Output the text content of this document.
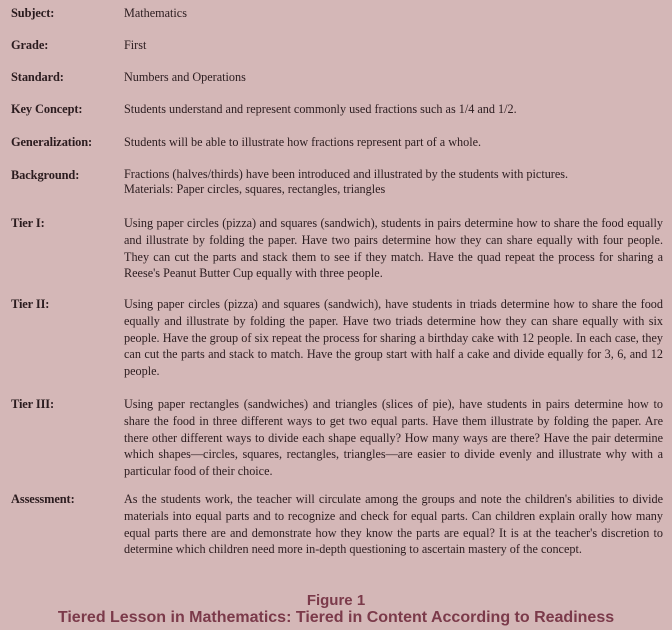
Subject:	Mathematics
Grade:	First
Standard:	Numbers and Operations
Key Concept:	Students understand and represent commonly used fractions such as 1/4 and 1/2.
Generalization:	Students will be able to illustrate how fractions represent part of a whole.
Background:	Fractions (halves/thirds) have been introduced and illustrated by the students with pictures.
Materials: Paper circles, squares, rectangles, triangles
Tier I:	Using paper circles (pizza) and squares (sandwich), students in pairs determine how to share the food equally and illustrate by folding the paper. Have two pairs determine how they can share equally with four people. They can cut the parts and stack them to see if they match. Have the quad repeat the process for sharing a Reese's Peanut Butter Cup equally with three people.
Tier II:	Using paper circles (pizza) and squares (sandwich), have students in triads determine how to share the food equally and illustrate by folding the paper. Have two triads determine how they can share equally with six people. Have the group of six repeat the process for sharing a birthday cake with 12 people. In each case, they can cut the parts and stack to match. Have the group start with half a cake and divide equally for 3, 6, and 12 people.
Tier III:	Using paper rectangles (sandwiches) and triangles (slices of pie), have students in pairs determine how to share the food in three different ways to get two equal parts. Have them illustrate by folding the paper. Are there other different ways to divide each shape equally? How many ways are there? Have the pair determine which shapes—circles, squares, rectangles, triangles—are easier to divide evenly and illustrate why with a particular food of their choice.
Assessment:	As the students work, the teacher will circulate among the groups and note the children's abilities to divide materials into equal parts and to recognize and check for equal parts. Can children explain orally how many equal parts there are and demonstrate how they know the parts are equal? It is at the teacher's discretion to determine which children need more in-depth questioning to ascertain mastery of the concept.
Figure 1
Tiered Lesson in Mathematics: Tiered in Content According to Readiness
